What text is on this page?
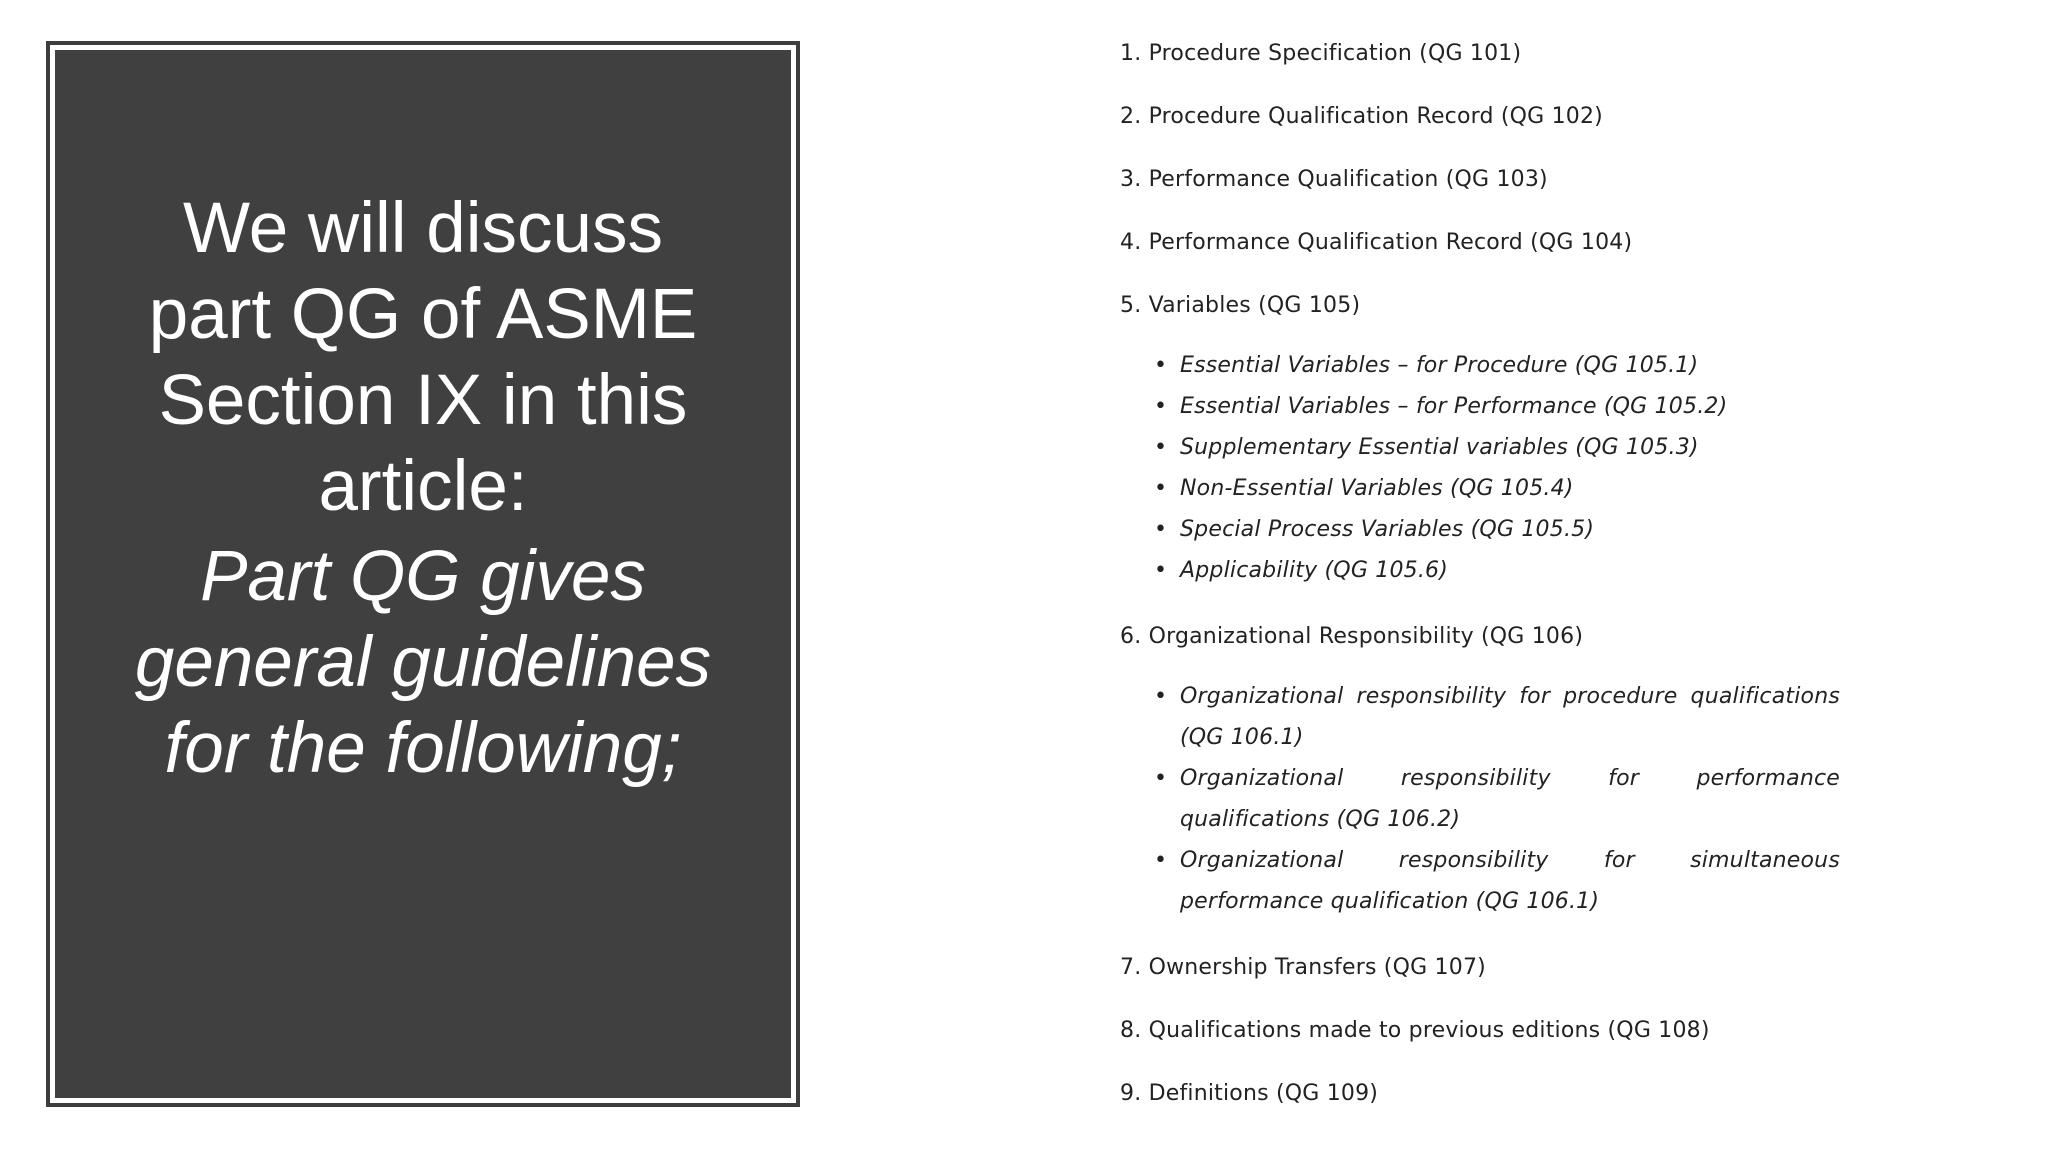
We will discuss
part QG of ASME
Section IX in this
article:
Part QG gives
general guidelines
for the following;
1. Procedure Specification (QG 101)
2. Procedure Qualification Record (QG 102)
3. Performance Qualification (QG 103)
4. Performance Qualification Record (QG 104)
5. Variables (QG 105)
• Essential Variables – for Procedure (QG 105.1)
• Essential Variables – for Performance (QG 105.2)
• Supplementary Essential variables (QG 105.3)
• Non-Essential Variables (QG 105.4)
• Special Process Variables (QG 105.5)
• Applicability (QG 105.6)
6. Organizational Responsibility (QG 106)
• Organizational responsibility for procedure qualifications (QG 106.1)
• Organizational responsibility for performance qualifications (QG 106.2)
• Organizational responsibility for simultaneous performance qualification (QG 106.1)
7. Ownership Transfers (QG 107)
8. Qualifications made to previous editions (QG 108)
9. Definitions (QG 109)
